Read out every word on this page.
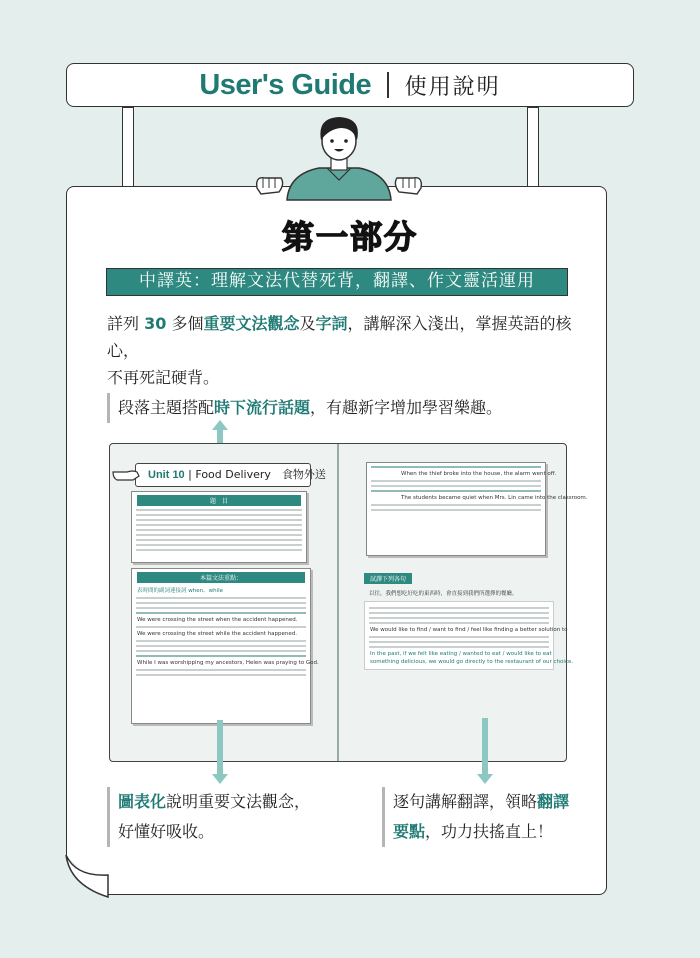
User's Guide 使用說明
第一部分
中譯英：理解文法代替死背，翻譯、作文靈活運用
詳列 30 多個重要文法觀念及字詞，講解深入淺出，掌握英語的核心，
不再死記硬背。
段落主題搭配時下流行話題，有趣新字增加學習樂趣。
Unit 10 | Food Delivery　 食物外送
題　目
本篇文法重點：
表時間的副詞連接詞 when、while
We were crossing the street when the accident happened.
We were crossing the street while the accident happened.
While I was worshipping my ancestors, Helen was praying to God.
When the thief broke into the house, the alarm went off.
The students became quiet when Mrs. Lin came into the classroom.
試譯下列各句
以往，我們想吃好吃的東西時，會直接到我們所選擇的餐廳。
We would like to find / want to find / feel like finding a better solution to
In the past, if we felt like eating / wanted to eat / would like to eat
something delicious, we would go directly to the restaurant of our choice.
圖表化說明重要文法觀念，
好懂好吸收。
逐句講解翻譯，領略翻譯
要點，功力扶搖直上！
